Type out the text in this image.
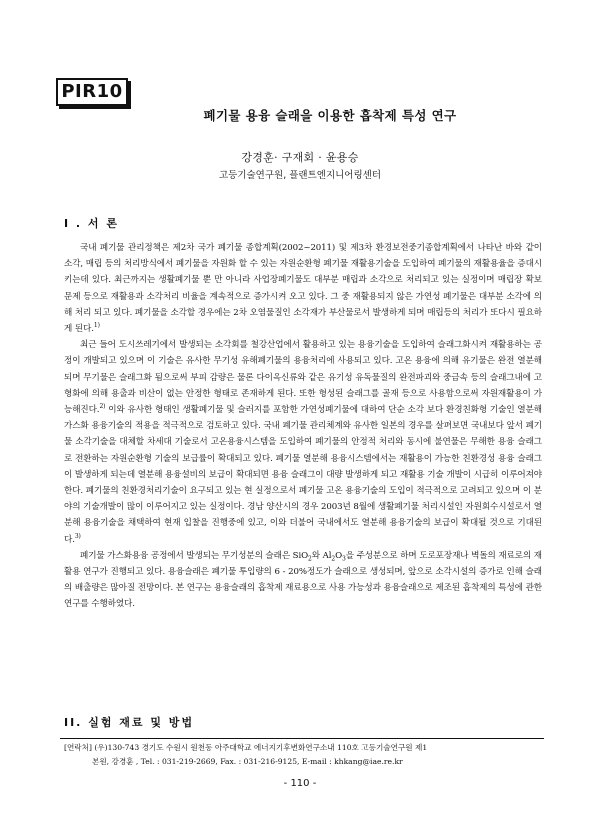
PIR10
폐기물 용융 슬래을 이용한 흡착제 특성 연구
강경훈· 구재회 · 윤용승
고등기술연구원, 플랜트엔지니어링센터
I . 서 론

국내 폐기물 관리정책은 제2차 국가 폐기물 종합계획(2002~2011) 및 제3차 환경보전중기종합계획에서 나타난 바와 같이 소각, 매립 등의 처리방식에서 폐기물을 자원화 할 수 있는 자원순환형 폐기물 재활용기술을 도입하여 폐기물의 재활용율을 증대시키는데 있다. 최근까지는 생활폐기물 뿐 만 아니라 사업장폐기물도 대부분 매립과 소각으로 처리되고 있는 실정이며 매립장 확보 문제 등으로 재활용과 소각처리 비율을 계속적으로 증가시켜 오고 있다. 그 중 재활용되지 않은 가연성 폐기물은 대부분 소각에 의해 처리 되고 있다. 폐기물을 소각할 경우에는 2차 오염물질인 소각재가 부산물로서 발생하게 되며 매립등의 처리가 또다시 필요하게 된다.$^{1)}$

최근 들어 도시쓰레기에서 발생되는 소각회를 철강산업에서 활용하고 있는 용융기술을 도입하여 슬래그화시켜 재활용하는 공정이 개발되고 있으며 이 기술은 유사한 무기성 유해폐기물의 용융처리에 사용되고 있다. 고온 용융에 의해 유기물은 완전 열분해되며 무기물은 슬래그화 됨으로써 부피 감량은 물론 다이옥신류와 같은 유기성 유독물질의 완전파괴와 중금속 등의 슬래그내에 고형화에 의해 용출과 비산이 없는 안정한 형태로 존재하게 된다. 또한 형성된 슬래그를 골재 등으로 사용함으로써 자원재활용이 가능해진다.$^{2)}$ 이와 유사한 형태인 생활폐기물 및 슬러지를 포함한 가연성폐기물에 대하여 단순 소각 보다 환경친화형 기술인 열분해 가스화 용융기술의 적용을 적극적으로 검토하고 있다. 국내 폐기물 관리체계와 유사한 일본의 경우를 살펴보면 국내보다 앞서 폐기물 소각기술을 대체할 차세대 기술로서 고온용융시스템을 도입하여 폐기물의 안정적 처리와 동시에 불연물은 무해한 용융 슬래그로 전환하는 자원순환형 기술의 보급률이 확대되고 있다. 폐기물 열분해 용융시스템에서는 재활용이 가능한 친환경성 용융 슬래그이 발생하게 되는데 열분해 용융설비의 보급이 확대되면 용융 슬래그이 대량 발생하게 되고 재활용 기술 개발이 시급히 이루어져야 한다. 폐기물의 친환경처리기술이 요구되고 있는 현 실정으로서 폐기물 고온 용융기술의 도입이 적극적으로 고려되고 있으며 이 분야의 기술개발이 많이 이루어지고 있는 실정이다. 경남 양산시의 경우 2003년 8월에 생활폐기물 처리시설인 자원회수시설로서 열분해 용융기술을 채택하여 현재 입찰을 진행중에 있고, 이와 더불어 국내에서도 열분해 용융기술의 보급이 확대될 것으로 기대된다.$^{3)}$

폐기물 가스화용융 공정에서 발생되는 무기성분의 슬래은 SiO$_2$와 $Al_2O_3$을 주성분으로 하며 도로포장재나 벽돌의 재료로의 재활용 연구가 진행되고 있다. 용융슬래은 폐기물 투입량의 6 - 20%정도가 슬래으로 생성되며, 앞으로 소각시설의 증가로 인해 슬래의 배출량은 많아질 전망이다. 본 연구는 용융슬래의 흡착제 재료용으로 사용 가능성과 용융슬래으로 제조된 흡착제의 특성에 관한 연구를 수행하였다.

II. 실험 재료 및 방법
[연락처] (우)130-743 경기도 수원시 원천동 아주대학교 에너지기후변화연구소내 110호 고등기술연구원 제1
본원, 강경훈 , Tel. : 031-219-2669, Fax. : 031-216-9125, E-mail : khkang@iae.re.kr
- 110 -
